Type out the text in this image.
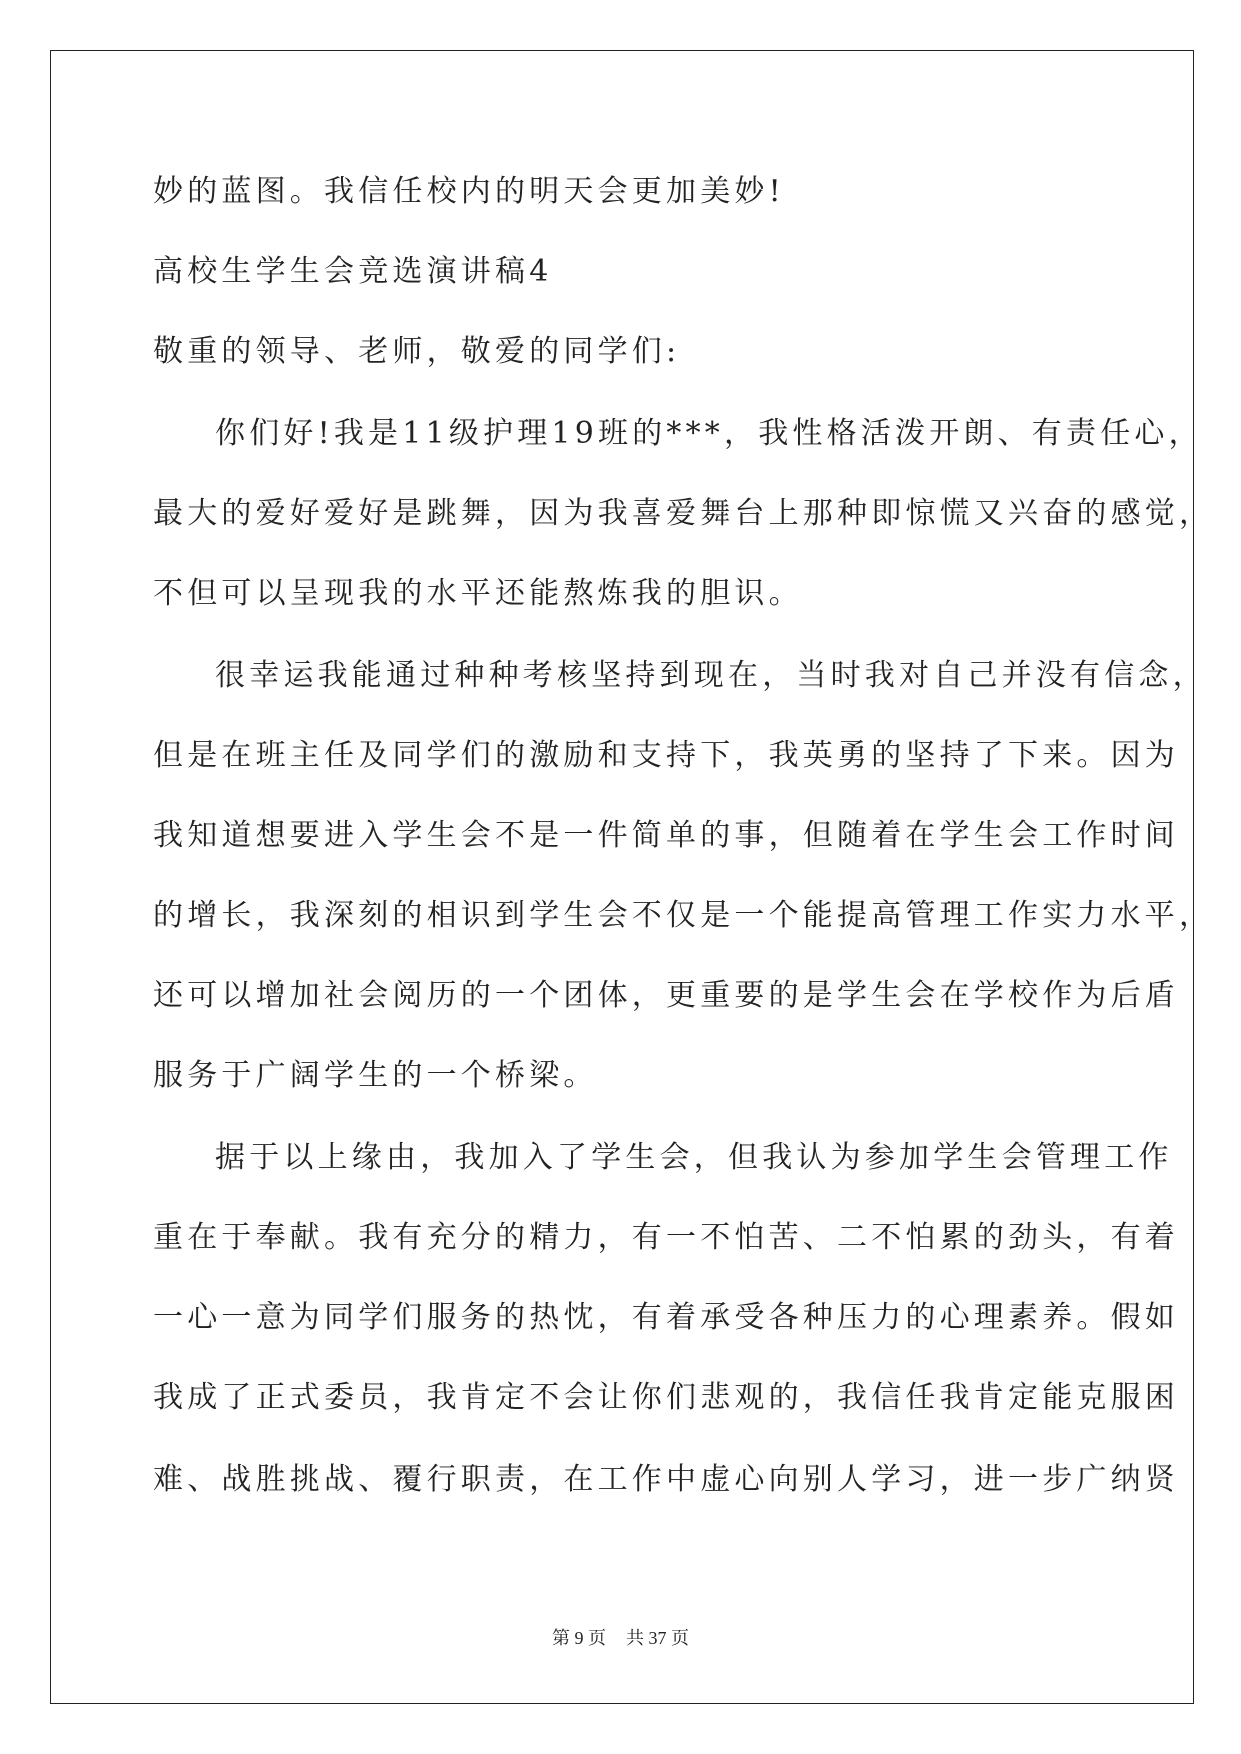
妙的蓝图。我信任校内的明天会更加美妙!
高校生学生会竞选演讲稿4
敬重的领导、老师，敬爱的同学们:
你们好!我是11级护理19班的***，我性格活泼开朗、有责任心，
最大的爱好爱好是跳舞，因为我喜爱舞台上那种即惊慌又兴奋的感觉，
不但可以呈现我的水平还能熬炼我的胆识。
很幸运我能通过种种考核坚持到现在，当时我对自己并没有信念，
但是在班主任及同学们的激励和支持下，我英勇的坚持了下来。因为
我知道想要进入学生会不是一件简单的事，但随着在学生会工作时间
的增长，我深刻的相识到学生会不仅是一个能提高管理工作实力水平，
还可以增加社会阅历的一个团体，更重要的是学生会在学校作为后盾
服务于广阔学生的一个桥梁。
据于以上缘由，我加入了学生会，但我认为参加学生会管理工作
重在于奉献。我有充分的精力，有一不怕苦、二不怕累的劲头，有着
一心一意为同学们服务的热忱，有着承受各种压力的心理素养。假如
我成了正式委员，我肯定不会让你们悲观的，我信任我肯定能克服困
难、战胜挑战、覆行职责，在工作中虚心向别人学习，进一步广纳贤
第 9 页 共 37 页
